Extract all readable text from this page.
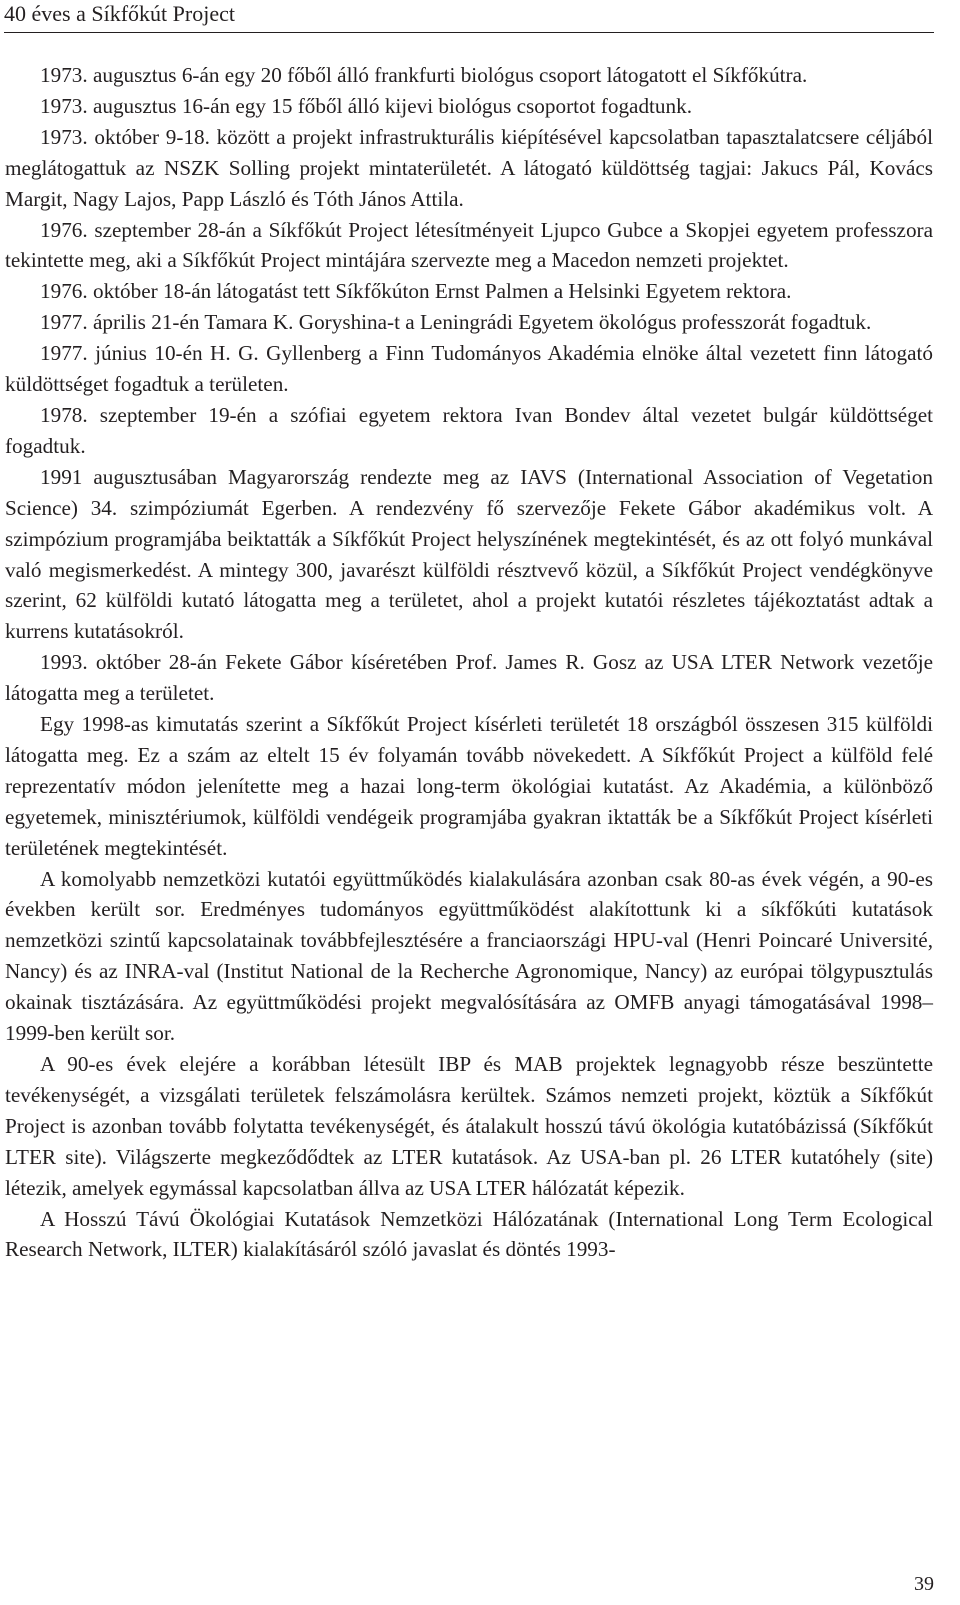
40 éves a Síkfőkút Project

1973. augusztus 6-án egy 20 főből álló frankfurti biológus csoport látogatott el Síkfőkútra.

1973. augusztus 16-án egy 15 főből álló kijevi biológus csoportot fogadtunk.

1973. október 9-18. között a projekt infrastrukturális kiépítésével kapcsolatban tapasztalatcsere céljából meglátogattuk az NSZK Solling projekt mintaterületét. A látogató küldöttség tagjai: Jakucs Pál, Kovács Margit, Nagy Lajos, Papp László és Tóth János Attila.

1976. szeptember 28-án a Síkfőkút Project létesítményeit Ljupco Gubce a Skopjei egyetem professzora tekintette meg, aki a Síkfőkút Project mintájára szervezte meg a Macedon nemzeti projektet.

1976. október 18-án látogatást tett Síkfőkúton Ernst Palmen a Helsinki Egyetem rektora.

1977. április 21-én Tamara K. Goryshina-t a Leningrádi Egyetem ökológus professzorát fogadtuk.

1977. június 10-én H. G. Gyllenberg a Finn Tudományos Akadémia elnöke által vezetett finn látogató küldöttséget fogadtuk a területen.

1978. szeptember 19-én a szófiai egyetem rektora Ivan Bondev által vezetet bulgár küldöttséget fogadtuk.

1991 augusztusában Magyarország rendezte meg az IAVS (International Association of Vegetation Science) 34. szimpóziumát Egerben. A rendezvény fő szervezője Fekete Gábor akadémikus volt. A szimpózium programjába beiktatták a Síkfőkút Project helyszínének megtekintését, és az ott folyó munkával való megismerkedést. A mintegy 300, javarészt külföldi résztvevő közül, a Síkfőkút Project vendégkönyve szerint, 62 külföldi kutató látogatta meg a területet, ahol a projekt kutatói részletes tájékoztatást adtak a kurrens kutatásokról.

1993. október 28-án Fekete Gábor kíséretében Prof. James R. Gosz az USA LTER Network vezetője látogatta meg a területet.

Egy 1998-as kimutatás szerint a Síkfőkút Project kísérleti területét 18 országból összesen 315 külföldi látogatta meg. Ez a szám az eltelt 15 év folyamán tovább növekedett. A Síkfőkút Project a külföld felé reprezentatív módon jelenítette meg a hazai long-term ökológiai kutatást. Az Akadémia, a különböző egyetemek, minisztériumok, külföldi vendégeik programjába gyakran iktatták be a Síkfőkút Project kísérleti területének megtekintését.

A komolyabb nemzetközi kutatói együttműködés kialakulására azonban csak 80-as évek végén, a 90-es években került sor. Eredményes tudományos együttműködést alakítottunk ki a síkfőkúti kutatások nemzetközi szintű kapcsolatainak továbbfejlesztésére a franciaországi HPU-val (Henri Poincaré Université, Nancy) és az INRA-val (Institut National de la Recherche Agronomique, Nancy) az európai tölgypusztulás okainak tisztázására. Az együttműködési projekt megvalósítására az OMFB anyagi támogatásával 1998–1999-ben került sor.

A 90-es évek elejére a korábban létesült IBP és MAB projektek legnagyobb része beszüntette tevékenységét, a vizsgálati területek felszámolásra kerültek. Számos nemzeti projekt, köztük a Síkfőkút Project is azonban tovább folytatta tevékenységét, és átalakult hosszú távú ökológia kutatóbázissá (Síkfőkút LTER site). Világszerte megkeződődtek az LTER kutatások. Az USA-ban pl. 26 LTER kutatóhely (site) létezik, amelyek egymással kapcsolatban állva az USA LTER hálózatát képezik.

A Hosszú Távú Ökológiai Kutatások Nemzetközi Hálózatának (International Long Term Ecological Research Network, ILTER) kialakításáról szóló javaslat és döntés 1993-

39
